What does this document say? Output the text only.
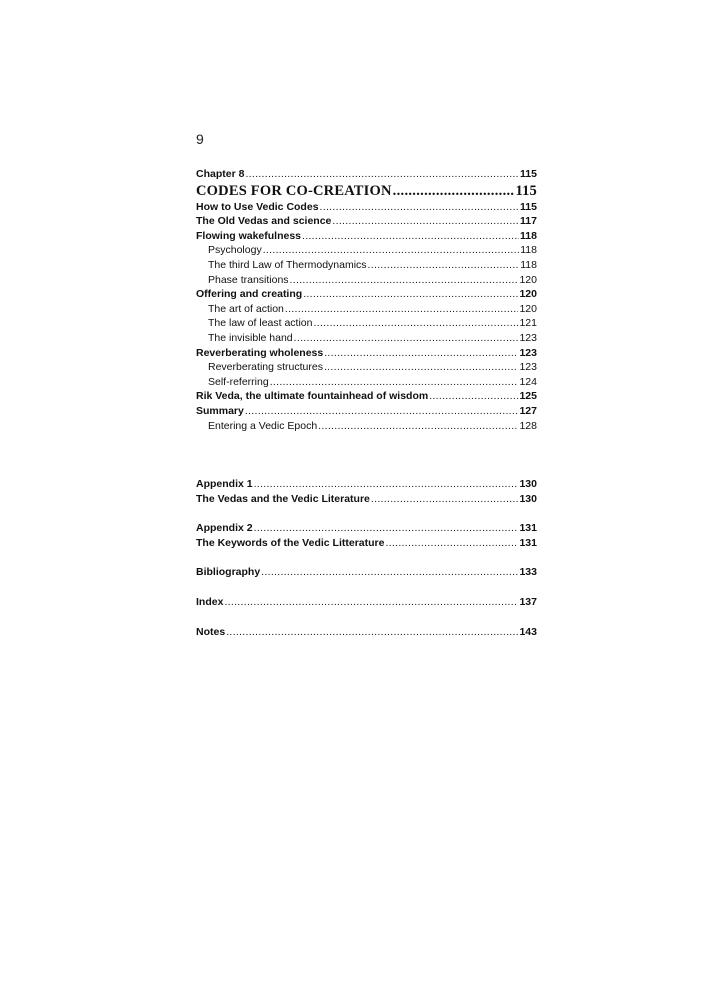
9
Chapter 8 .....	115
CODES FOR CO-CREATION .....	115
How to Use Vedic Codes .....	115
The Old Vedas and science .....	117
Flowing wakefulness .....	118
Psychology .....	118
The third Law of Thermodynamics .....	118
Phase transitions .....	120
Offering and creating .....	120
The art of action .....	120
The law of least action .....	121
The invisible hand .....	123
Reverberating wholeness .....	123
Reverberating structures .....	123
Self-referring .....	124
Rik Veda, the ultimate fountainhead of wisdom .....	125
Summary .....	127
Entering a Vedic Epoch .....	128
Appendix 1 .....	130
The Vedas and the Vedic Literature .....	130
Appendix 2 .....	131
The Keywords of the Vedic Litterature .....	131
Bibliography .....	133
Index .....	137
Notes .....	143
